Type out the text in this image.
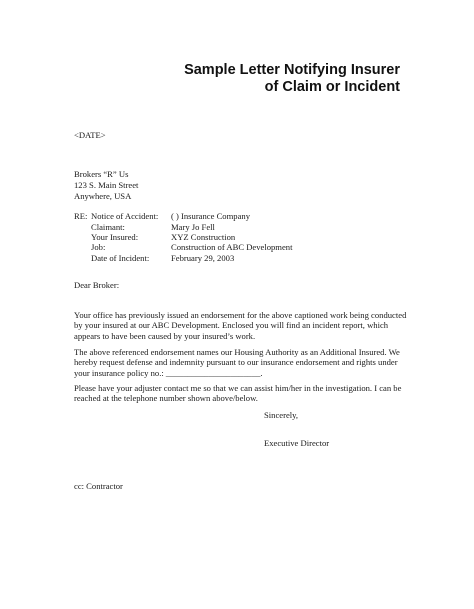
Sample Letter Notifying Insurer
of Claim or Incident
<DATE>
Brokers “R” Us
123 S. Main Street
Anywhere, USA
RE: Notice of Accident: ( ) Insurance Company
Claimant:	Mary Jo Fell
Your Insured:	XYZ Construction
Job:	Construction of ABC Development
Date of Incident:	February 29, 2003
Dear Broker:
Your office has previously issued an endorsement for the above captioned work being conducted
by your insured at our ABC Development. Enclosed you will find an incident report, which
appears to have been caused by your insured’s work.
The above referenced endorsement names our Housing Authority as an Additional Insured. We
hereby request defense and indemnity pursuant to our insurance endorsement and rights under
your insurance policy no.: ______________________.
Please have your adjuster contact me so that we can assist him/her in the investigation. I can be
reached at the telephone number shown above/below.
Sincerely,
Executive Director
cc: Contractor
